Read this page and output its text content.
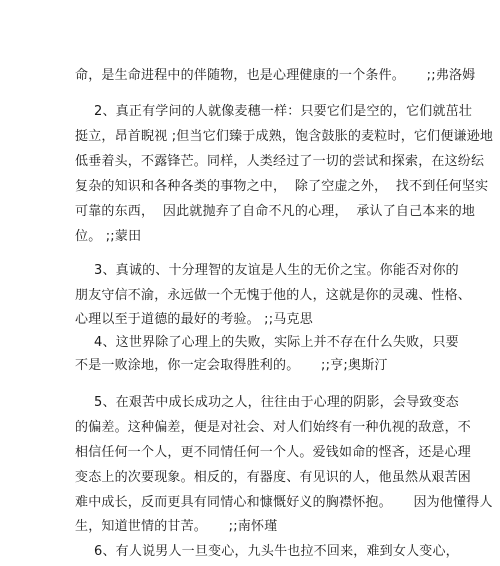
命，是生命进程中的伴随物，也是心理健康的一个条件。     ;;弗洛姆
2、真正有学问的人就像麦穗一样：只要它们是空的，它们就茁壮
挺立，昂首睨视 ;但当它们臻于成熟，饱含鼓胀的麦粒时，它们便谦逊地
低垂着头，不露锋芒。同样，人类经过了一切的尝试和探索，在这纷纭
复杂的知识和各种各类的事物之中，  除了空虚之外，  找不到任何坚实
可靠的东西，  因此就抛弃了自命不凡的心理，  承认了自己本来的地
位。 ;;蒙田
3、真诚的、十分理智的友谊是人生的无价之宝。你能否对你的
朋友守信不渝，永远做一个无愧于他的人，这就是你的灵魂、性格、
心理以至于道德的最好的考验。 ;;马克思
4、这世界除了心理上的失败，实际上并不存在什么失败，只要
不是一败涂地，你一定会取得胜利的。     ;;亨;奥斯汀
5、在艰苦中成长成功之人，往往由于心理的阴影，会导致变态
的偏差。这种偏差，便是对社会、对人们始终有一种仇视的敌意，不
相信任何一个人，更不同情任何一个人。爱钱如命的悭吝，还是心理
变态上的次要现象。相反的，有器度、有见识的人，他虽然从艰苦困
难中成长，反而更具有同情心和慷慨好义的胸襟怀抱。     因为他懂得人
生，知道世情的甘苦。     ;;南怀瑾
6、有人说男人一旦变心，九头牛也拉不回来，难到女人变心，
